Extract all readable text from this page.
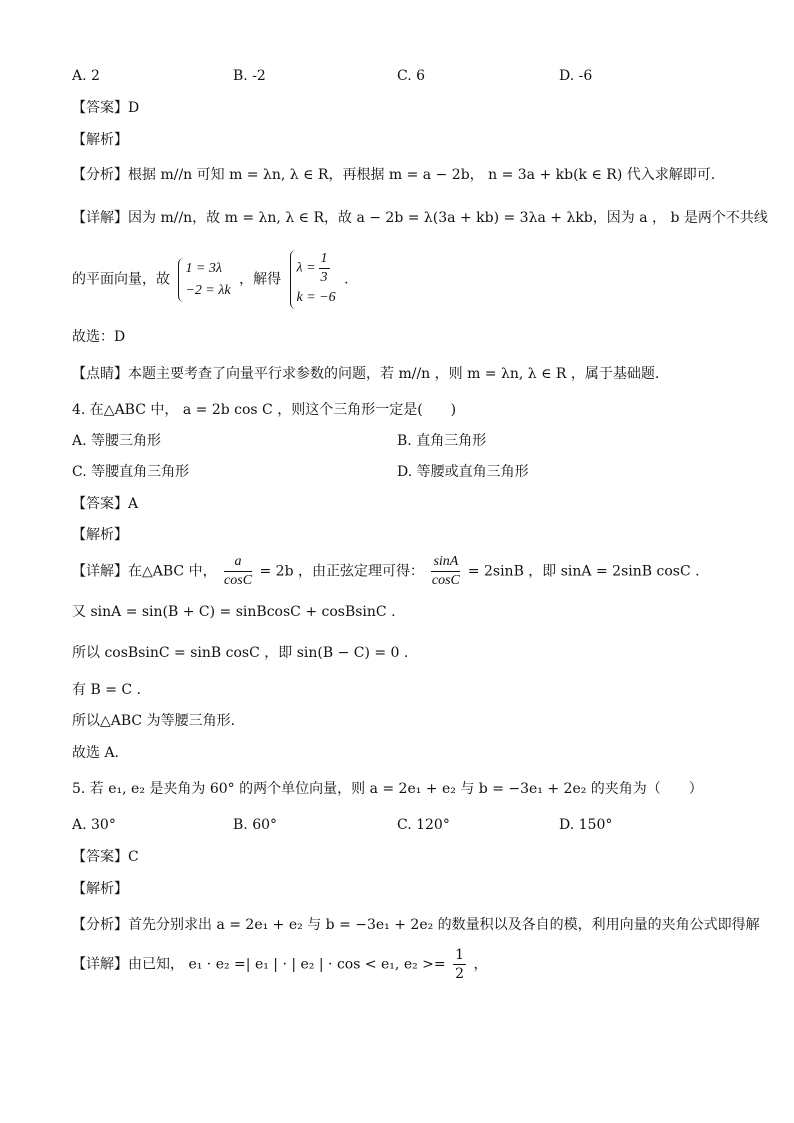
A. 2	B. -2	C. 6	D. -6
【答案】D
【解析】
【分析】根据 m//n 可知 m = λn, λ ∈ R，再根据 m = a − 2b， n = 3a + kb(k ∈ R) 代入求解即可.
【详解】因为 m//n，故 m = λn, λ ∈ R，故 a − 2b = λ(3a + kb) = 3λa + λkb，因为 a ， b 是两个不共线
的平面向量，故
1 = 3λ
−2 = λk
，解得
$\lambda = \frac{1}{3}$
k = −6
.
故选：D
【点睛】本题主要考查了向量平行求参数的问题，若 m//n ，则 m = λn, λ ∈ R ，属于基础题.
4. 在△ABC 中， a = 2b cos C ，则这个三角形一定是(　　)
A. 等腰三角形	B. 直角三角形
C. 等腰直角三角形	D. 等腰或直角三角形
【答案】A
【解析】
【详解】在△ABC 中， $\frac{a}{\cos C} = 2b$ ，由正弦定理可得： $\frac{\sin A}{\cos C} = 2\sin B$ ，即 sinA = 2sinB cosC .
又 sinA = sin(B + C) = sinBcosC + cosBsinC .
所以 cosBsinC = sinB cosC ，即 sin(B − C) = 0 .
有 B = C .
所以△ABC 为等腰三角形.
故选 A.
5. 若 e₁, e₂ 是夹角为 60° 的两个单位向量，则 a = 2e₁ + e₂ 与 b = −3e₁ + 2e₂ 的夹角为（　　）
A. 30°	B. 60°	C. 120°	D. 150°
【答案】C
【解析】
【分析】首先分别求出 a = 2e₁ + e₂ 与 b = −3e₁ + 2e₂ 的数量积以及各自的模，利用向量的夹角公式即得解
【详解】由已知， e₁ · e₂ =| e₁ | · | e₂ | · cos < e₁, $e_2 >= \frac{1}{2}$ ，
